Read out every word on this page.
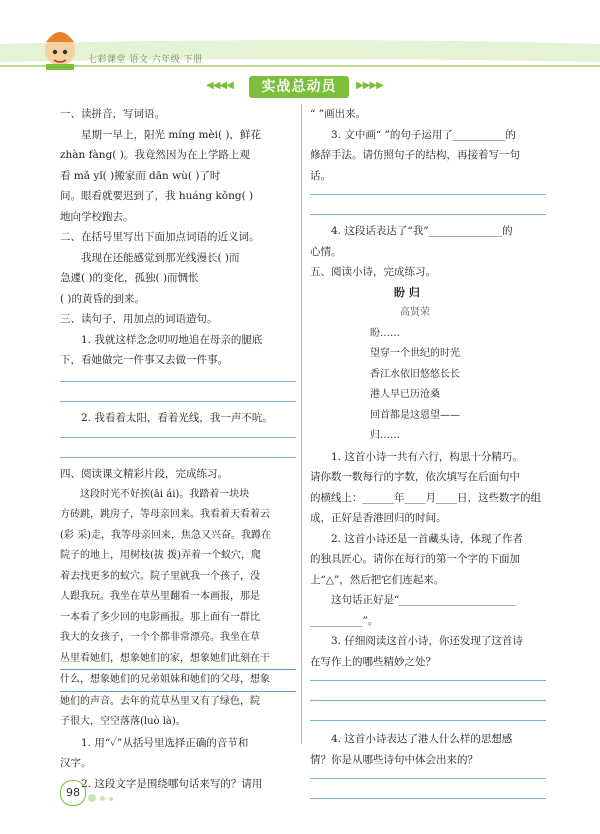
七彩课堂 语文 六年级 下册
◀◀◀◀	实战总动员	▶▶▶▶

一、读拼音，写词语。

星期一早上，阳光 míng mèi( )，鲜花

zhàn fàng( )。我竟然因为在上学路上观

看 mǎ yǐ( )搬家而 dān wù( )了时

间。眼看就要迟到了，我 huáng kǒng( )

地向学校跑去。

二、在括号里写出下面加点词语的近义词。

我现在还能感觉到那光线漫长( )而

急遽( )的变化，孤独( )而惆怅

( )的黄昏的到来。

三、读句子，用加点的词语造句。

1. 我就这样念念叨叨地追在母亲的腿底

下，看她做完一件事又去做一件事。

2. 我看着太阳，看着光线，我一声不吭。

四、阅读课文精彩片段，完成练习。

这段时光不好挨(āi ái)。我踏着一块块

方砖跳，跳房子，等母亲回来。我看着天看着云

(彩 采)走，我等母亲回来，焦急又兴奋。我蹲在

院子的地上，用树枝(拔 拨)弄着一个蚁穴，爬

着去找更多的蚁穴。院子里就我一个孩子，没

人跟我玩。我坐在草丛里翻看一本画报，那是

一本看了多少回的电影画报。那上面有一群比

我大的女孩子，一个个都非常漂亮。我坐在草

丛里看她们，想象她们的家，想象她们此刻在干

什么，想象她们的兄弟姐妹和她们的父母，想象

她们的声音。去年的荒草丛里又有了绿色，院

子很大，空空落落(luò là)。

1. 用“✓”从括号里选择正确的音节和

汉字。

2. 这段文字是围绕哪句话来写的？请用

“ ”画出来。

3. 文中画“ ”的句子运用了__________的

修辞手法。请仿照句子的结构，再接着写一句

话。

4. 这段话表达了“我”______________的

心情。

五、阅读小诗，完成练习。

盼 归

高贤荣

盼……

望穿一个世纪的时光

香江水依旧悠悠长长

港人早已历沧桑

回首都是这恩望——

归……

1. 这首小诗一共有六行，构思十分精巧。

请你数一数每行的字数，依次填写在后面句中

的横线上：______年____月____日，这些数字的组

成，正好是香港回归的时间。

2. 这首小诗还是一首藏头诗，体现了作者

的独具匠心。请你在每行的第一个字的下面加

上“△”，然后把它们连起来。

这句话正好是“______________________

__________”。

3. 仔细阅读这首小诗，你还发现了这首诗

在写作上的哪些精妙之处？

4. 这首小诗表达了港人什么样的思想感

情？你是从哪些诗句中体会出来的？

98
